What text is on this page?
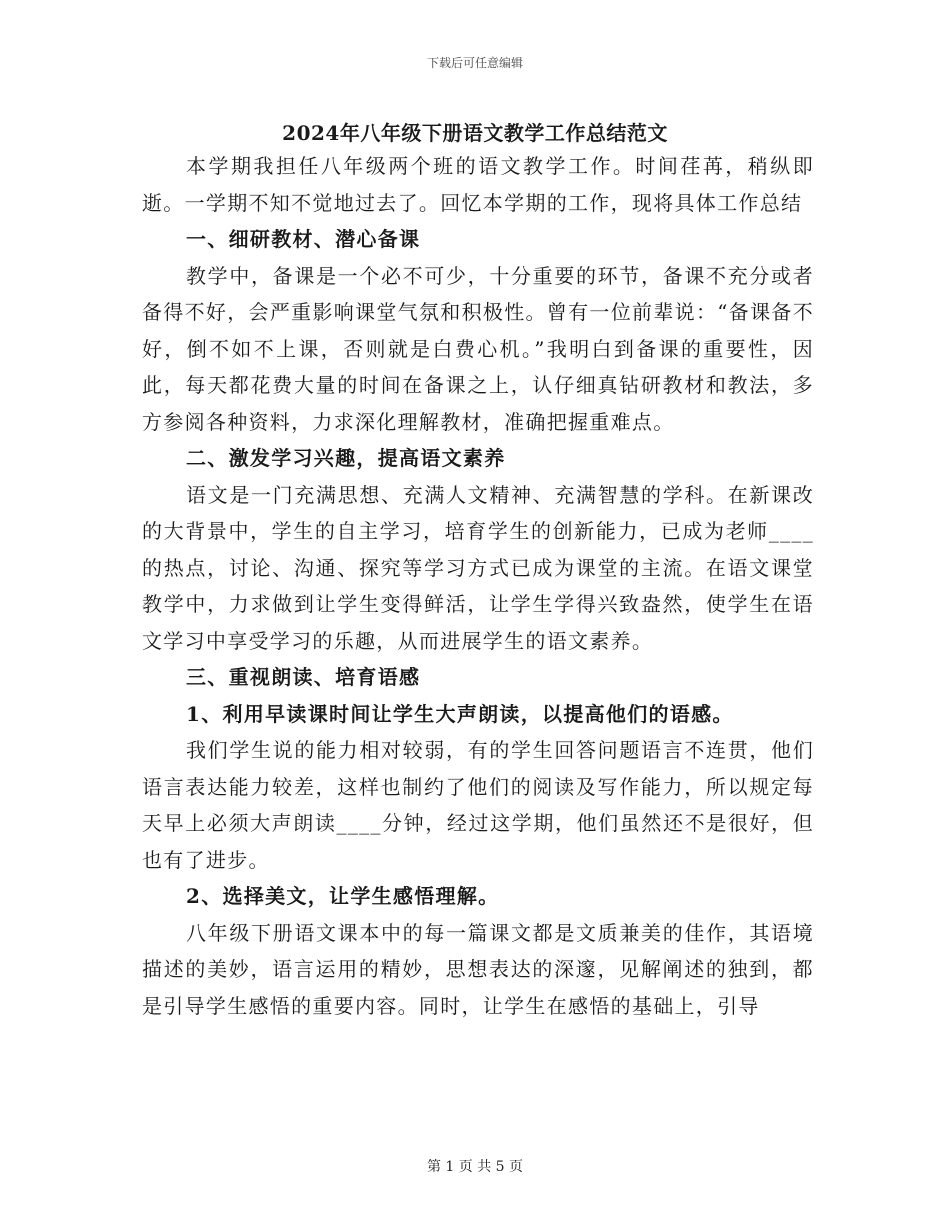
下载后可任意编辑
2024年八年级下册语文教学工作总结范文

本学期我担任八年级两个班的语文教学工作。时间荏苒，稍纵即逝。一学期不知不觉地过去了。回忆本学期的工作，现将具体工作总结

一、细研教材、潜心备课

教学中，备课是一个必不可少，十分重要的环节，备课不充分或者备得不好，会严重影响课堂气氛和积极性。曾有一位前辈说：“备课备不好，倒不如不上课，否则就是白费心机。”我明白到备课的重要性，因此，每天都花费大量的时间在备课之上，认仔细真钻研教材和教法，多方参阅各种资料，力求深化理解教材，准确把握重难点。

二、激发学习兴趣，提高语文素养

语文是一门充满思想、充满人文精神、充满智慧的学科。在新课改的大背景中，学生的自主学习，培育学生的创新能力，已成为老师____的热点，讨论、沟通、探究等学习方式已成为课堂的主流。在语文课堂教学中，力求做到让学生变得鲜活，让学生学得兴致盎然，使学生在语文学习中享受学习的乐趣，从而进展学生的语文素养。

三、重视朗读、培育语感

1、利用早读课时间让学生大声朗读，以提高他们的语感。

我们学生说的能力相对较弱，有的学生回答问题语言不连贯，他们语言表达能力较差，这样也制约了他们的阅读及写作能力，所以规定每天早上必须大声朗读____分钟，经过这学期，他们虽然还不是很好，但也有了进步。

2、选择美文，让学生感悟理解。

八年级下册语文课本中的每一篇课文都是文质兼美的佳作，其语境描述的美妙，语言运用的精妙，思想表达的深邃，见解阐述的独到，都是引导学生感悟的重要内容。同时，让学生在感悟的基础上，引导

第 1 页 共 5 页
